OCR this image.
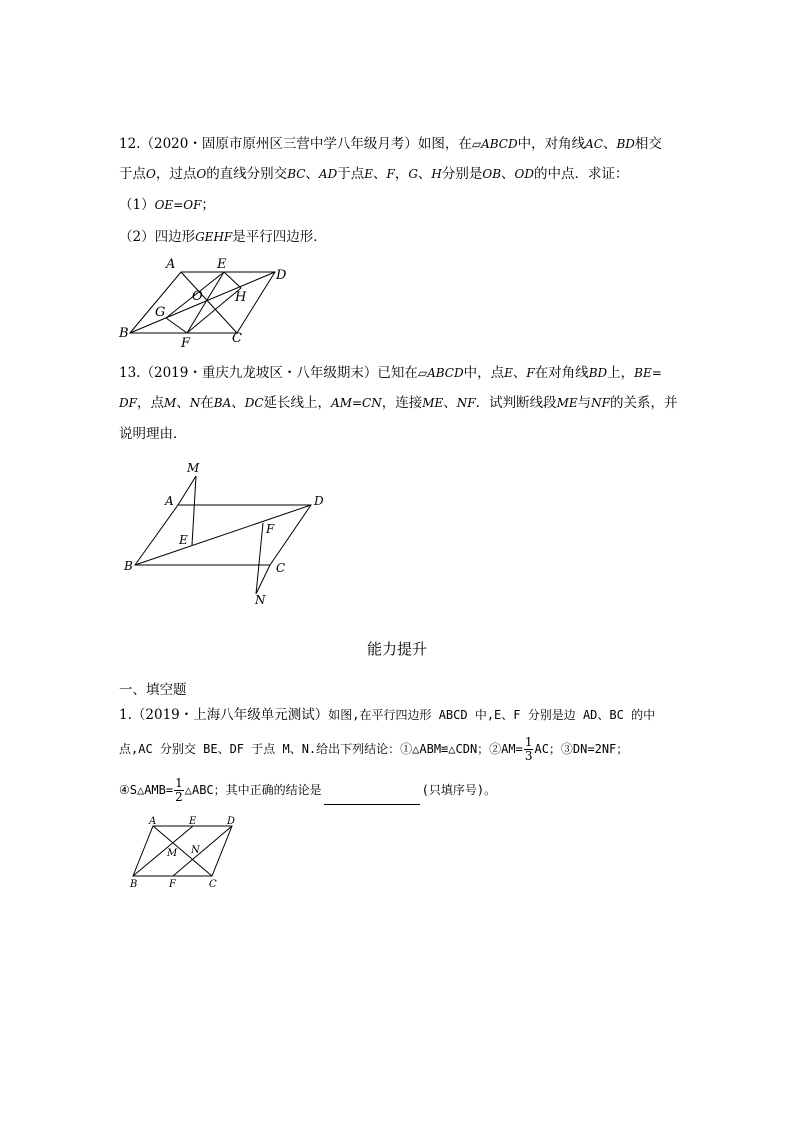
12.（2020・固原市原州区三营中学八年级月考）如图，在▱ABCD中，对角线AC、BD相交
于点O，过点O的直线分别交BC、AD于点E、F，G、H分别是OB、OD的中点．求证：
（1）OE=OF；
（2）四边形GEHF是平行四边形．
A	E
D
O H
G
B
F	C
13.（2019・重庆九龙坡区・八年级期末）已知在▱ABCD中，点E、F在对角线BD上，BE=
DF，点M、N在BA、DC延长线上，AM=CN，连接ME、NF．试判断线段ME与NF的关系，并
说明理由．
M
A	D
F
E
B	C
N
能力提升
一、填空题
1.（2019・上海八年级单元测试）如图,在平行四边形 ABCD 中,E、F 分别是边 AD、BC 的中
点,AC 分别交 BE、DF 于点 M、N.给出下列结论：①△ABM≌△CDN；②AM= $\frac{1}{3}$ AC；③DN=2NF；
④S△AMB= $\frac{1}{2}$ △ABC；其中正确的结论是	(只填序号)。
A	E	D
M N
B	F	C
